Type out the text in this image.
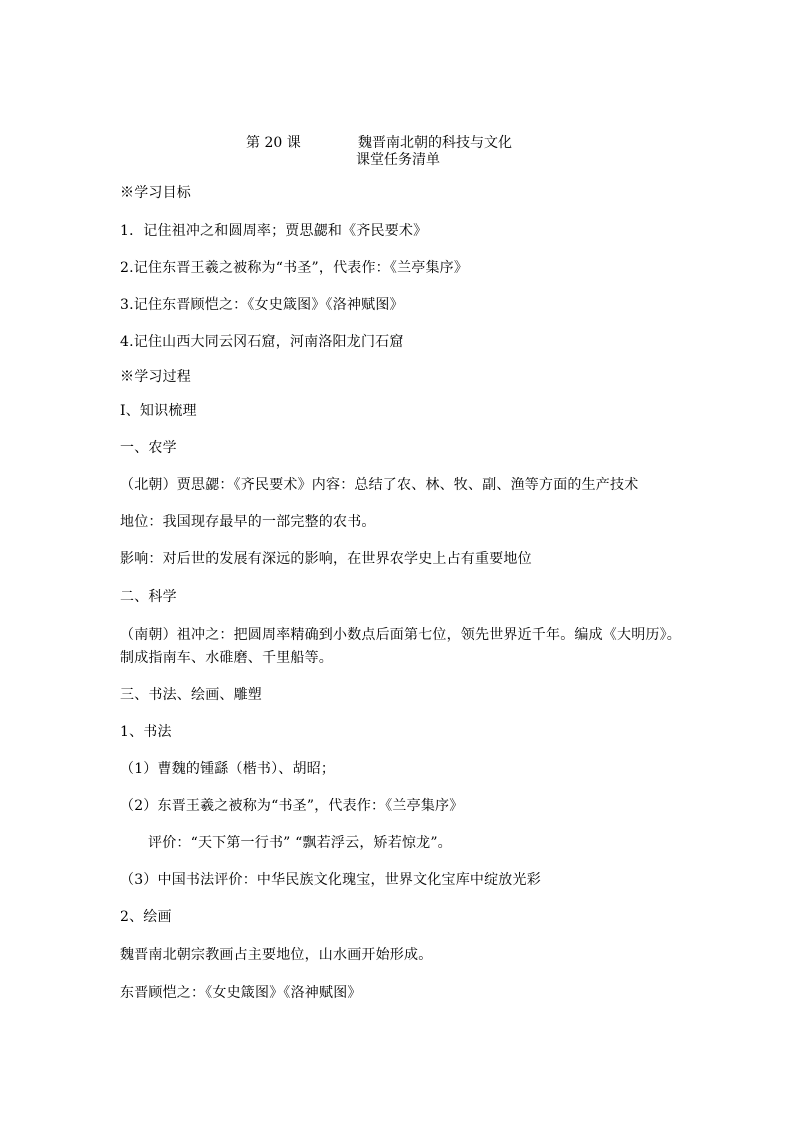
第 20 课	魏晋南北朝的科技与文化
课堂任务清单
※学习目标
1．记住祖冲之和圆周率；贾思勰和《齐民要术》
2.记住东晋王羲之被称为“书圣”，代表作：《兰亭集序》
3.记住东晋顾恺之：《女史箴图》《洛神赋图》
4.记住山西大同云冈石窟，河南洛阳龙门石窟
※学习过程
Ⅰ、知识梳理
一、农学
（北朝）贾思勰：《齐民要术》内容：总结了农、林、牧、副、渔等方面的生产技术
地位：我国现存最早的一部完整的农书。
影响：对后世的发展有深远的影响，在世界农学史上占有重要地位
二、科学
（南朝）祖冲之：把圆周率精确到小数点后面第七位，领先世界近千年。编成《大明历》。
制成指南车、水碓磨、千里船等。
三、书法、绘画、雕塑
1、书法
（1）曹魏的锺繇（楷书）、胡昭；
（2）东晋王羲之被称为“书圣”，代表作：《兰亭集序》
评价：“天下第一行书” “飘若浮云，矫若惊龙”。
（3）中国书法评价：中华民族文化瑰宝，世界文化宝库中绽放光彩
2、绘画
魏晋南北朝宗教画占主要地位，山水画开始形成。
东晋顾恺之：《女史箴图》《洛神赋图》
